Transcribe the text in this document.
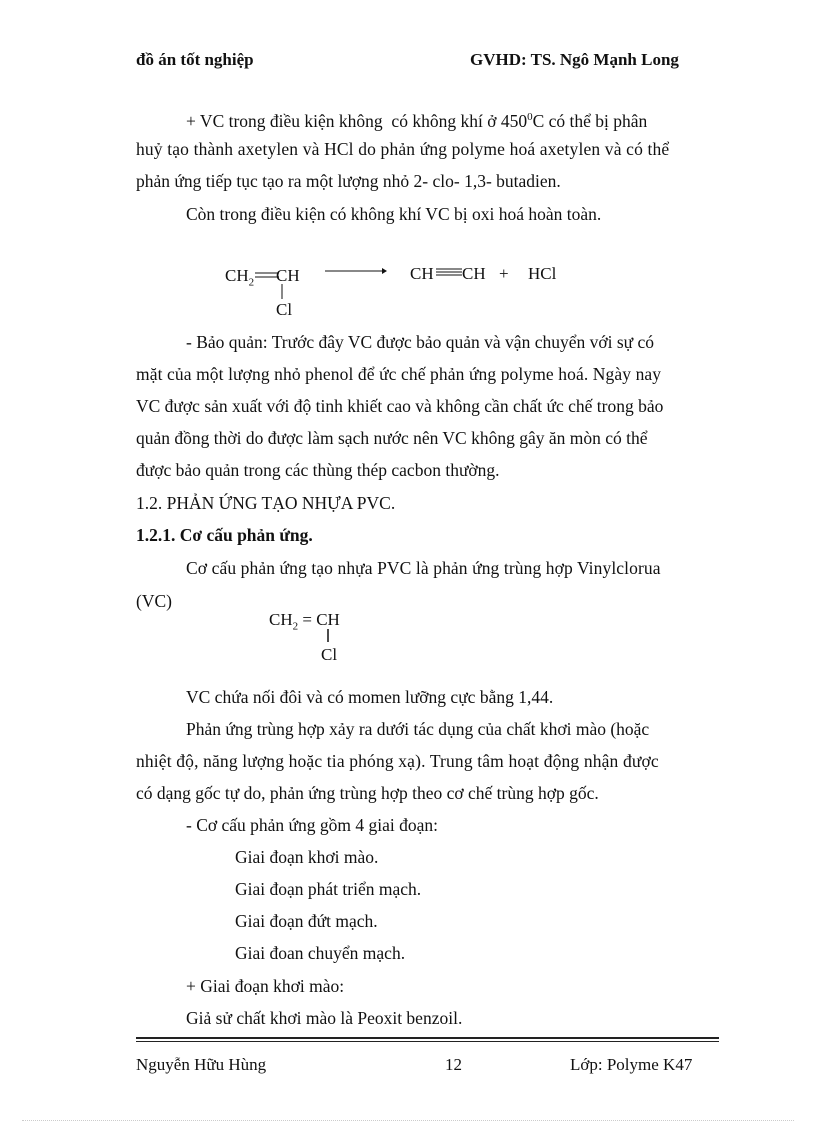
đồ án tốt nghiệp	GVHD: TS. Ngô Mạnh Long
+ VC trong điều kiện không  có không khí ở $450^0C$ có thể bị phân
huỷ tạo thành axetylen và HCl do phản ứng polyme hoá axetylen và có thể
phản ứng tiếp tục tạo ra một lượng nhỏ 2- clo- 1,3- butadien.
Còn trong điều kiện có không khí VC bị oxi hoá hoàn toàn.
$CH_2$ CH
Cl
CH CH + HCl
- Bảo quản: Trước đây VC được bảo quản và vận chuyển với sự có
mặt của một lượng nhỏ phenol để ức chế phản ứng polyme hoá. Ngày nay
VC được sản xuất với độ tinh khiết cao và không cần chất ức chế trong bảo
quản đồng thời do được làm sạch nước nên VC không gây ăn mòn có thể
được bảo quản trong các thùng thép cacbon thường.
1.2. PHẢN ỨNG TẠO NHỰA PVC.
1.2.1. Cơ cấu phản ứng.
Cơ cấu phản ứng tạo nhựa PVC là phản ứng trùng hợp Vinylclorua
(VC)
$CH_2$ = CH
Cl
VC chứa nối đôi và có momen lưỡng cực bằng 1,44.
Phản ứng trùng hợp xảy ra dưới tác dụng của chất khơi mào (hoặc
nhiệt độ, năng lượng hoặc tia phóng xạ). Trung tâm hoạt động nhận được
có dạng gốc tự do, phản ứng trùng hợp theo cơ chế trùng hợp gốc.
- Cơ cấu phản ứng gồm 4 giai đoạn:
Giai đoạn khơi mào.
Giai đoạn phát triển mạch.
Giai đoạn đứt mạch.
Giai đoan chuyển mạch.
+ Giai đoạn khơi mào:
Giả sử chất khơi mào là Peoxit benzoil.
Nguyễn Hữu Hùng	12	Lớp: Polyme K47
